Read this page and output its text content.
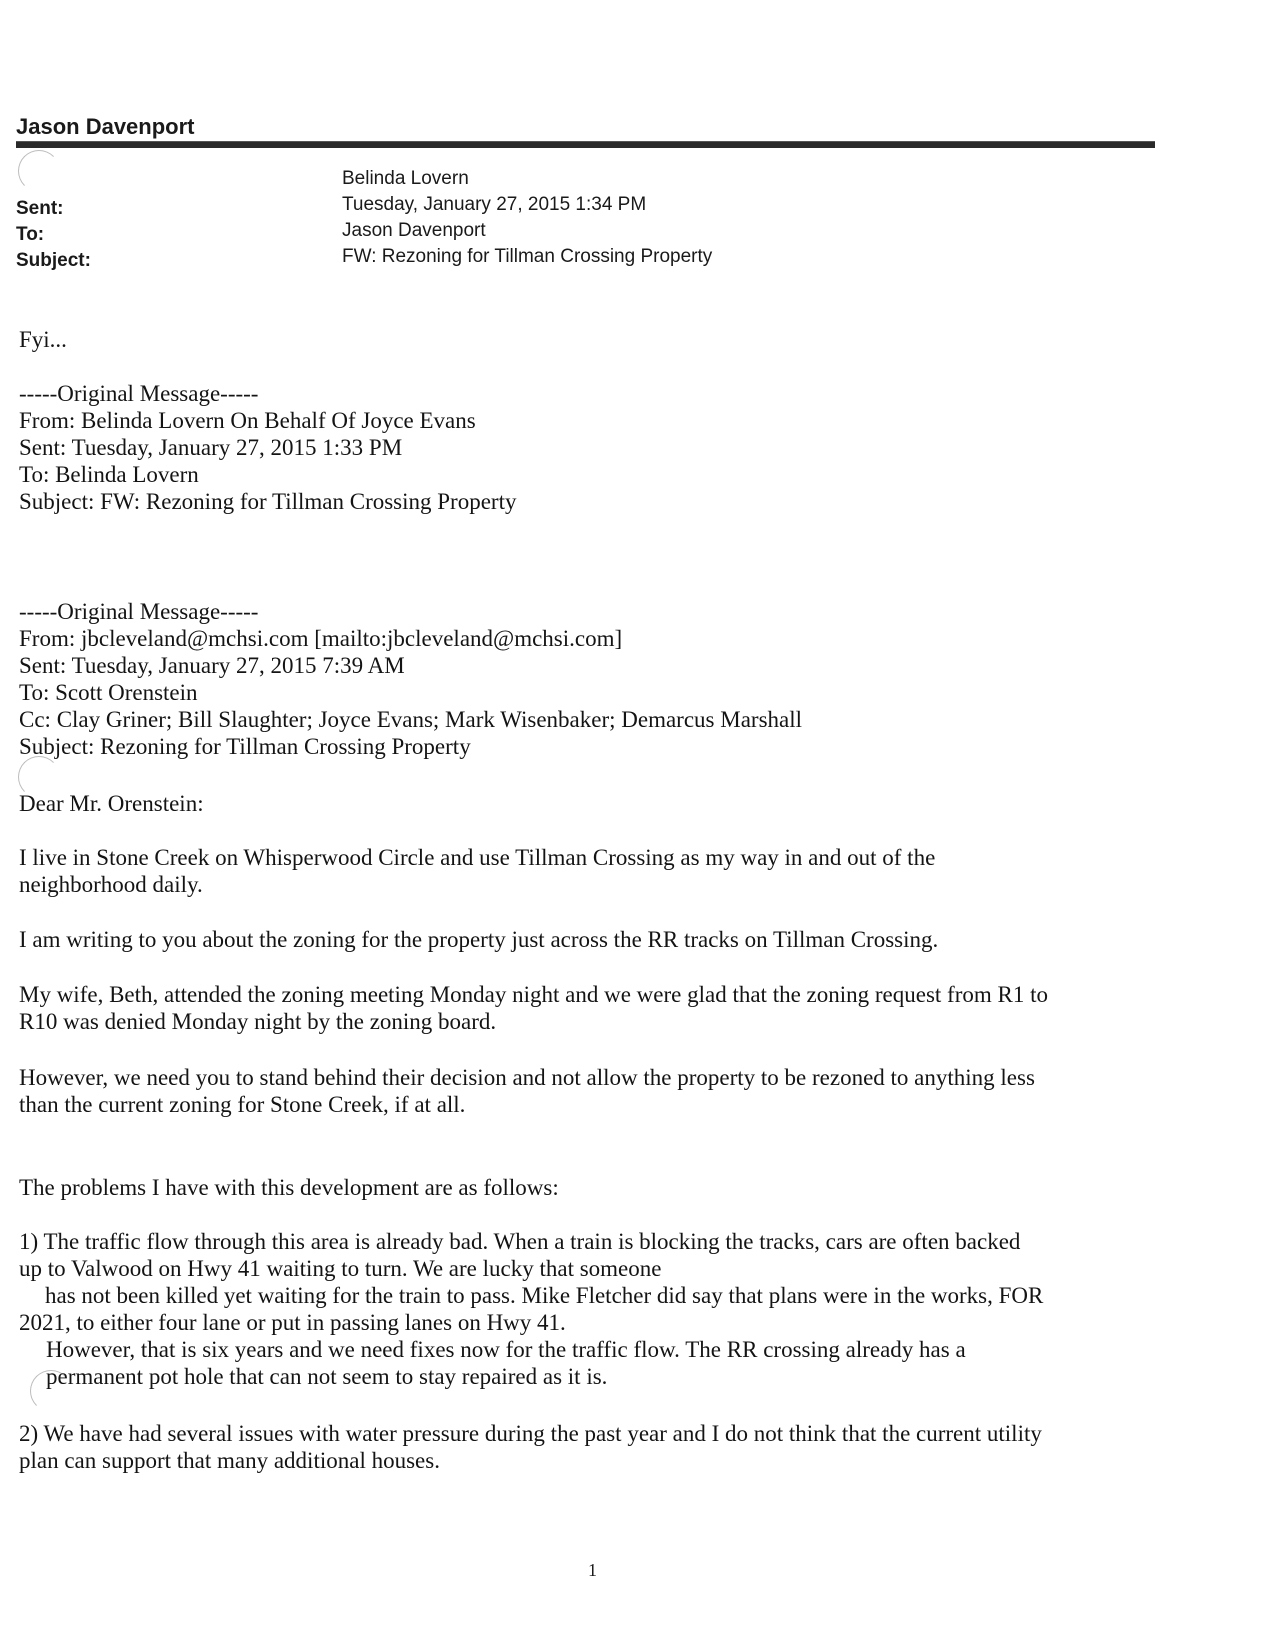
Jason Davenport
Belinda Lovern
Sent:	Tuesday, January 27, 2015 1:34 PM
To:	Jason Davenport
Subject:	FW: Rezoning for Tillman Crossing Property
Fyi...
-----Original Message-----
From: Belinda Lovern On Behalf Of Joyce Evans
Sent: Tuesday, January 27, 2015 1:33 PM
To: Belinda Lovern
Subject: FW: Rezoning for Tillman Crossing Property
-----Original Message-----
From: jbcleveland@mchsi.com [mailto:jbcleveland@mchsi.com]
Sent: Tuesday, January 27, 2015 7:39 AM
To: Scott Orenstein
Cc: Clay Griner; Bill Slaughter; Joyce Evans; Mark Wisenbaker; Demarcus Marshall
Subject: Rezoning for Tillman Crossing Property
Dear Mr. Orenstein:
I live in Stone Creek on Whisperwood Circle and use Tillman Crossing as my way in and out of the
neighborhood daily.
I am writing to you about the zoning for the property just across the RR tracks on Tillman Crossing.
My wife, Beth, attended the zoning meeting Monday night and we were glad that the zoning request from R1 to
R10 was denied Monday night by the zoning board.
However, we need you to stand behind their decision and not allow the property to be rezoned to anything less
than the current zoning for Stone Creek, if at all.
The problems I have with this development are as follows:
1) The traffic flow through this area is already bad. When a train is blocking the tracks, cars are often backed
up to Valwood on Hwy 41 waiting to turn. We are lucky that someone
has not been killed yet waiting for the train to pass. Mike Fletcher did say that plans were in the works, FOR
2021, to either four lane or put in passing lanes on Hwy 41.
However, that is six years and we need fixes now for the traffic flow. The RR crossing already has a
permanent pot hole that can not seem to stay repaired as it is.
2) We have had several issues with water pressure during the past year and I do not think that the current utility
plan can support that many additional houses.
1
